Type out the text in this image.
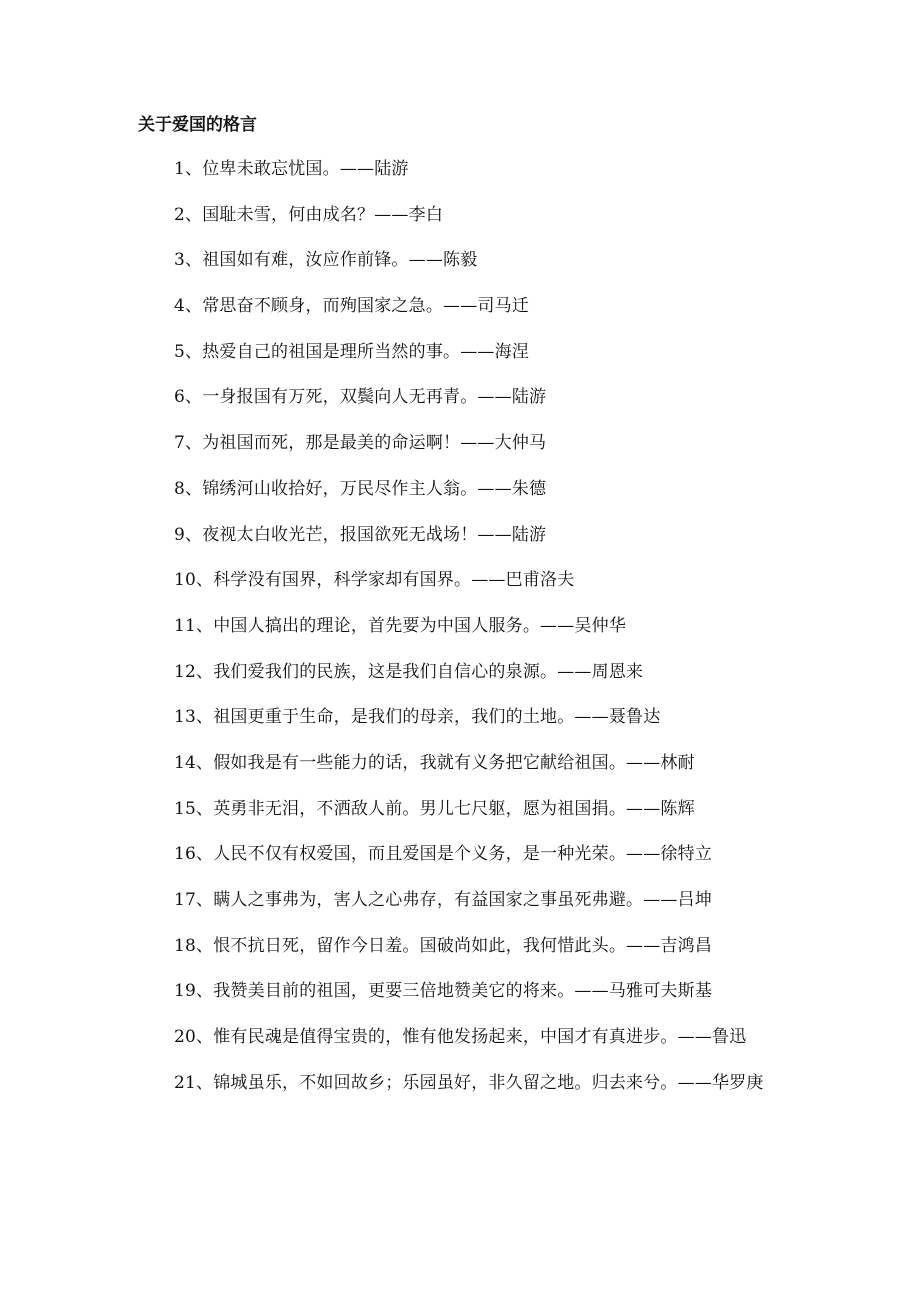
关于爱国的格言
1、位卑未敢忘忧国。——陆游
2、国耻未雪，何由成名？——李白
3、祖国如有难，汝应作前锋。——陈毅
4、常思奋不顾身，而殉国家之急。——司马迁
5、热爱自己的祖国是理所当然的事。——海涅
6、一身报国有万死，双鬓向人无再青。——陆游
7、为祖国而死，那是最美的命运啊！——大仲马
8、锦绣河山收拾好，万民尽作主人翁。——朱德
9、夜视太白收光芒，报国欲死无战场！——陆游
10、科学没有国界，科学家却有国界。——巴甫洛夫
11、中国人搞出的理论，首先要为中国人服务。——吴仲华
12、我们爱我们的民族，这是我们自信心的泉源。——周恩来
13、祖国更重于生命，是我们的母亲，我们的土地。——聂鲁达
14、假如我是有一些能力的话，我就有义务把它献给祖国。——林耐
15、英勇非无泪，不洒敌人前。男儿七尺躯，愿为祖国捐。——陈辉
16、人民不仅有权爱国，而且爱国是个义务，是一种光荣。——徐特立
17、瞒人之事弗为，害人之心弗存，有益国家之事虽死弗避。——吕坤
18、恨不抗日死，留作今日羞。国破尚如此，我何惜此头。——吉鸿昌
19、我赞美目前的祖国，更要三倍地赞美它的将来。——马雅可夫斯基
20、惟有民魂是值得宝贵的，惟有他发扬起来，中国才有真进步。——鲁迅
21、锦城虽乐，不如回故乡；乐园虽好，非久留之地。归去来兮。——华罗庚
